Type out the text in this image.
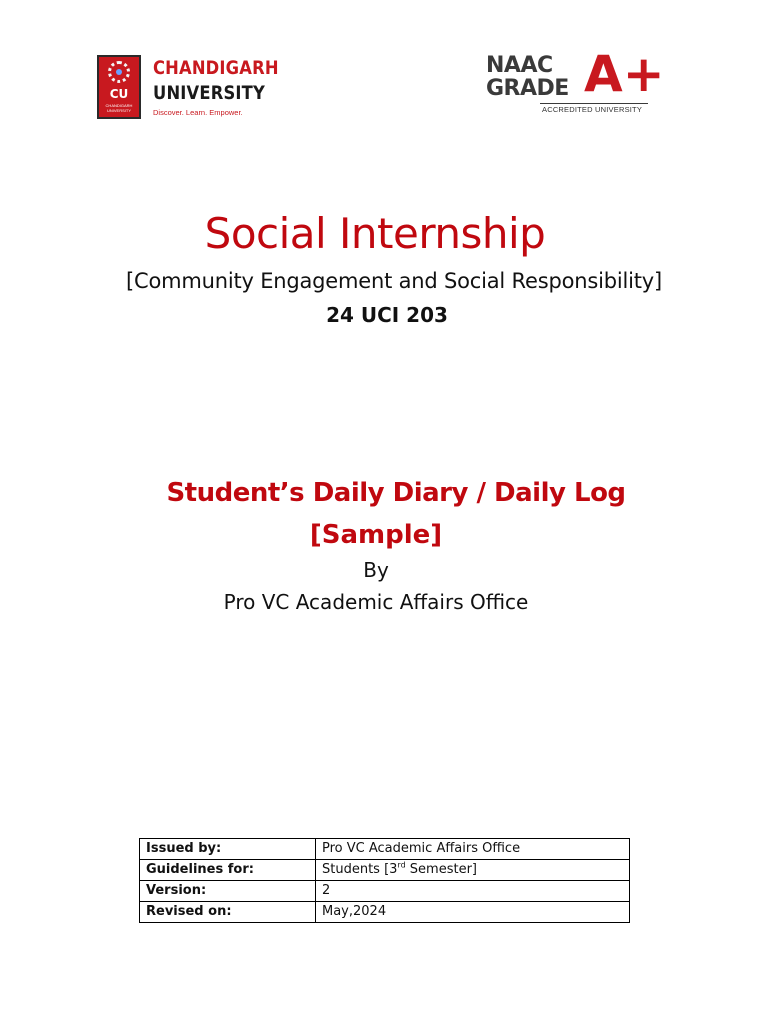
CU
CHANDIGARH UNIVERSITY
CHANDIGARH
UNIVERSITY
Discover. Learn. Empower.
NAAC
GRADE A+
ACCREDITED UNIVERSITY
Social Internship
[Community Engagement and Social Responsibility]
24 UCI 203
Student’s Daily Diary / Daily Log
[Sample]
By
Pro VC Academic Affairs Office
Issued by:	Pro VC Academic Affairs Office
Guidelines for:	Students [3rd Semester]
Version:	2
Revised on:	May,2024
